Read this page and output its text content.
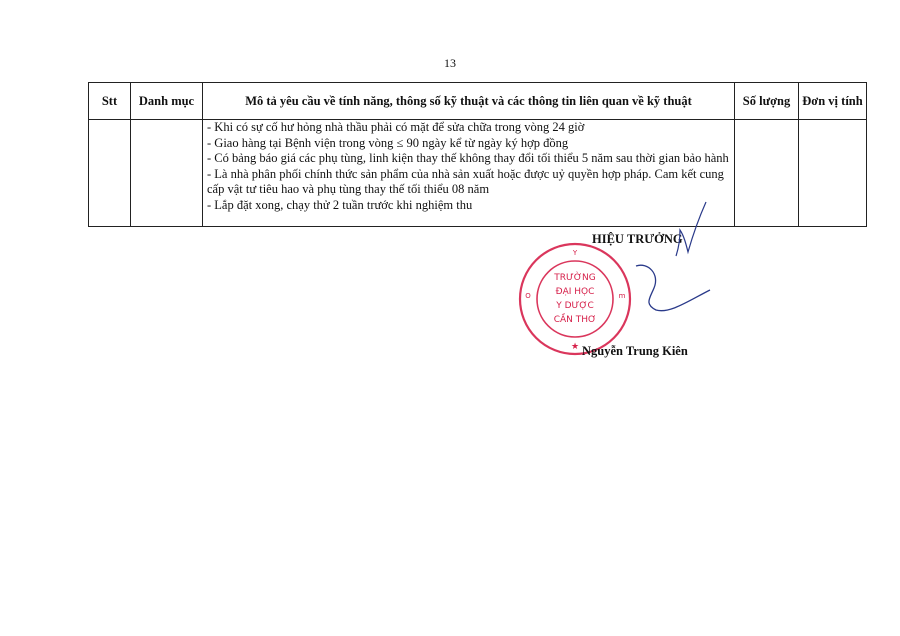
13
Stt	Danh mục	Mô tả yêu cầu về tính năng, thông số kỹ thuật và các thông tin liên quan về kỹ thuật	Số lượng	Đơn vị tính

		- Khi có sự cố hư hỏng nhà thầu phải có mặt để sửa chữa trong vòng 24 giờ
- Giao hàng tại Bệnh viện trong vòng ≤ 90 ngày kể từ ngày ký hợp đồng
- Có bảng báo giá các phụ tùng, linh kiện thay thế không thay đổi tối thiểu 5 năm sau thời gian bảo hành
- Là nhà phân phối chính thức sản phẩm của nhà sản xuất hoặc được uỷ quyền hợp pháp. Cam kết cung cấp vật tư tiêu hao và phụ tùng thay thế tối thiểu 08 năm
- Lắp đặt xong, chạy thử 2 tuần trước khi nghiệm thu		

HIỆU TRƯỞNG
Y
O	m
★
TRƯỜNG
ĐẠI HỌC
Y DƯỢC
CẦN THƠ
Nguyễn Trung Kiên
